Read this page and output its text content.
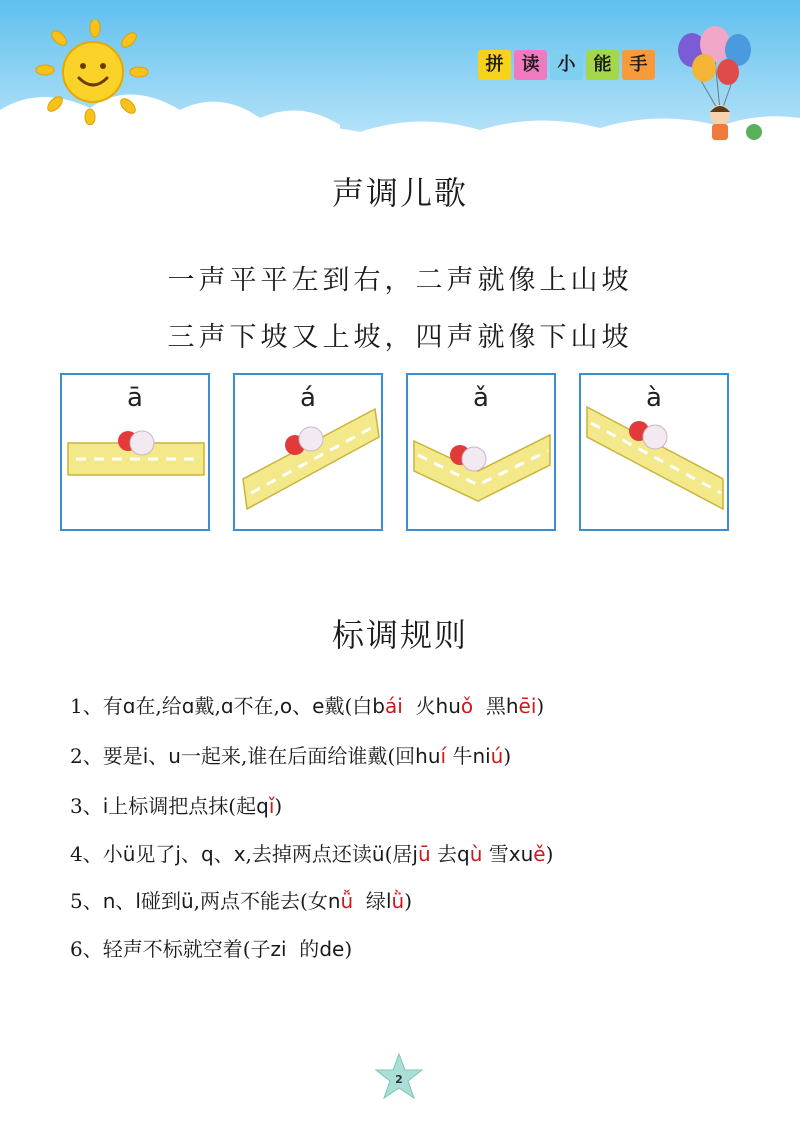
拼	读	小	能	手
声调儿歌
一声平平左到右，二声就像上山坡
三声下坡又上坡，四声就像下山坡
ā	á	ǎ	à
标调规则
1、有ɑ在,给ɑ戴,ɑ不在,o、e戴(白bái  火huǒ  黑hēi)
2、要是i、u一起来,谁在后面给谁戴(回huí 牛niú)
3、i上标调把点抹(起qǐ)
4、小ü见了j、q、x,去掉两点还读ü(居jū 去qù 雪xuě)
5、n、l碰到ü,两点不能去(女nǚ  绿lǜ)
6、轻声不标就空着(子zi  的de)
2
